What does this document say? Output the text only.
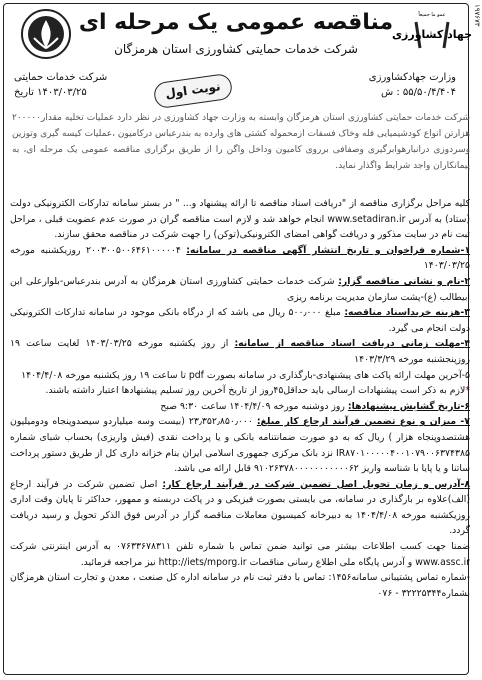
۱۹۷۶۷۳
مناقصه عمومی یک مرحله ای
شرکت خدمات حمایتی کشاورزی استان هرمزگان
عمو ما جمیعاً
جهاد کشاورزی
شرکت خدمات حمایتی
۱۴۰۳/۰۳/۲۵ تاریخ
وزارت جهادکشاورزی
۵۵/۵۰/۴/۴۰۴ : ش
نوبت اول
شرکت خدمات حمایتی کشاورزی استان هرمزگان وابسته به وزارت جهاد کشاورزی در نظر دارد عملیات تخلیه مقدار۲۰۰۰۰۰ هزارتن انواع کودشیمیایی فله وخاک فسفات ازمحموله کشتی های وارده به بندرعباس درکامیون ،عملیات کیسه گیری وتوزین وسردوزی درانبارهوابرگیری وصفافی برروی کامیون وداخل واگن را از طریق برگزاری مناقصه عمومی یک مرحله ای، به پیمانکاران واجد شرایط واگذار نماید.

کلیه مراحل برگزاری مناقصه از "دریافت اسناد مناقصه تا ارائه پیشنهاد و... " در بستر سامانه تدارکات الکترونیکی دولت (ستاد) به آدرس www.setadiran.ir انجام خواهد شد و لازم است مناقصه گران در صورت عدم عضویت قبلی ، مراحل ثبت نام در سایت مذکور و دریافت گواهی امضای الکترونیکی(توکن) را جهت شرکت در مناقصه محقق سازند.

۱-شماره فراخوان و تاریخ انتشار آگهی مناقصه در سامانه: ۲۰۰۳۰۰۵۰۰۶۴۶۱۰۰۰۰۰۴ روزیکشنبه مورخه ۱۴۰۳/۰۳/۲۵

۲-نام و نشانی مناقصه گزار: شرکت خدمات حمایتی کشاورزی استان هرمزگان به آدرس بندرعباس-بلوارعلی ابن ابیطالب (ع)-پشت سازمان مدیریت برنامه ریزی

۳-هزینه خریداسناد مناقصه: مبلغ ۵۰۰٫۰۰۰ ریال می باشد که از درگاه بانکی موجود در سامانه تدارکات الکترونیکی دولت انجام می گیرد.

۴-مهلت زمانی دریافت اسناد مناقصه از سامانه: از روز یکشنبه مورخه ۱۴۰۳/۰۳/۲۵ لغایت ساعت ۱۹ روزپنجشنبه مورخه ۱۴۰۳/۳/۲۹

۵-آخرین مهلت ارائه پاکت های پیشنهادی-بارگذاری در سامانه بصورت pdf تا ساعت ۱۹ روز یکشنبه مورخه ۱۴۰۴/۴/۰۸

*لازم به ذکر است پیشنهادات ارسالی باید حداقل۴۵روز از تاریخ آخرین روز تسلیم پیشنهادها اعتبار داشته باشند.

۶-تاریخ گشایش پیشنهادها: روز دوشنبه مورخه ۱۴۰۴/۴/۰۹ ساعت ۹:۳۰ صبح

۷- میزان و نوع تضمین فرآیند ارجاع کار مبلغ: ۲۳٫۳۵۲٫۸۵۰٫۰۰۰ (بیست وسه میلیاردو سیصدوپنجاه ودومیلیون هشتصدوپنجاه هزار ) ریال که به دو صورت ضمانتنامه بانکی و یا پرداخت نقدی (فیش واریزی) بحساب شبای شماره IR۸۷۰۱۰۰۰۰۰۴۰۰۱۰۷۹۰۰۶۳۷۴۳۸۵ نزد بانک مرکزی جمهوری اسلامی ایران بنام خزانه داری کل از طریق دستور پرداخت ساتنا و یا پایا با شناسه واریز ۹۱۰۲۶۳۷۸۰۰۰۰۰۰۰۰۰۰۰۶۲ قابل ارائه می باشد.

۸-آدرس و زمان تحویل اصل تضمین شرکت در فرآیند ارجاع کار: اصل تضمین شرکت در فرآیند ارجاع (الف)علاوه بر بارگذاری در سامانه، می بایستی بصورت فیزیکی و در پاکت دربسته و ممهور، حداکثر تا پایان وقت اداری روزیکشنبه مورخه ۱۴۰۴/۴/۰۸ به دبیرخانه کمیسیون معاملات مناقصه گزار در آدرس فوق الذکر تحویل و رسید دریافت گردد.

ضمنا جهت کسب اطلاعات بیشتر می توانید ضمن تماس با شماره تلفن ۰۷۶۳۳۶۷۸۳۱۱ به آدرس اینترنتی شرکت www.assc.ir و آدرس پایگاه ملی اطلاع رسانی مناقصات http://iets/mporg.ir نیز مراجعه فرمائید.

-شماره تماس پشتیبانی سامانه۱۴۵۶: تماس با دفتر ثبت نام در سامانه اداره کل صنعت ، معدن و تجارت استان هرمزگان بشماره۳۲۲۲۵۳۴۴ - ۰۷۶
